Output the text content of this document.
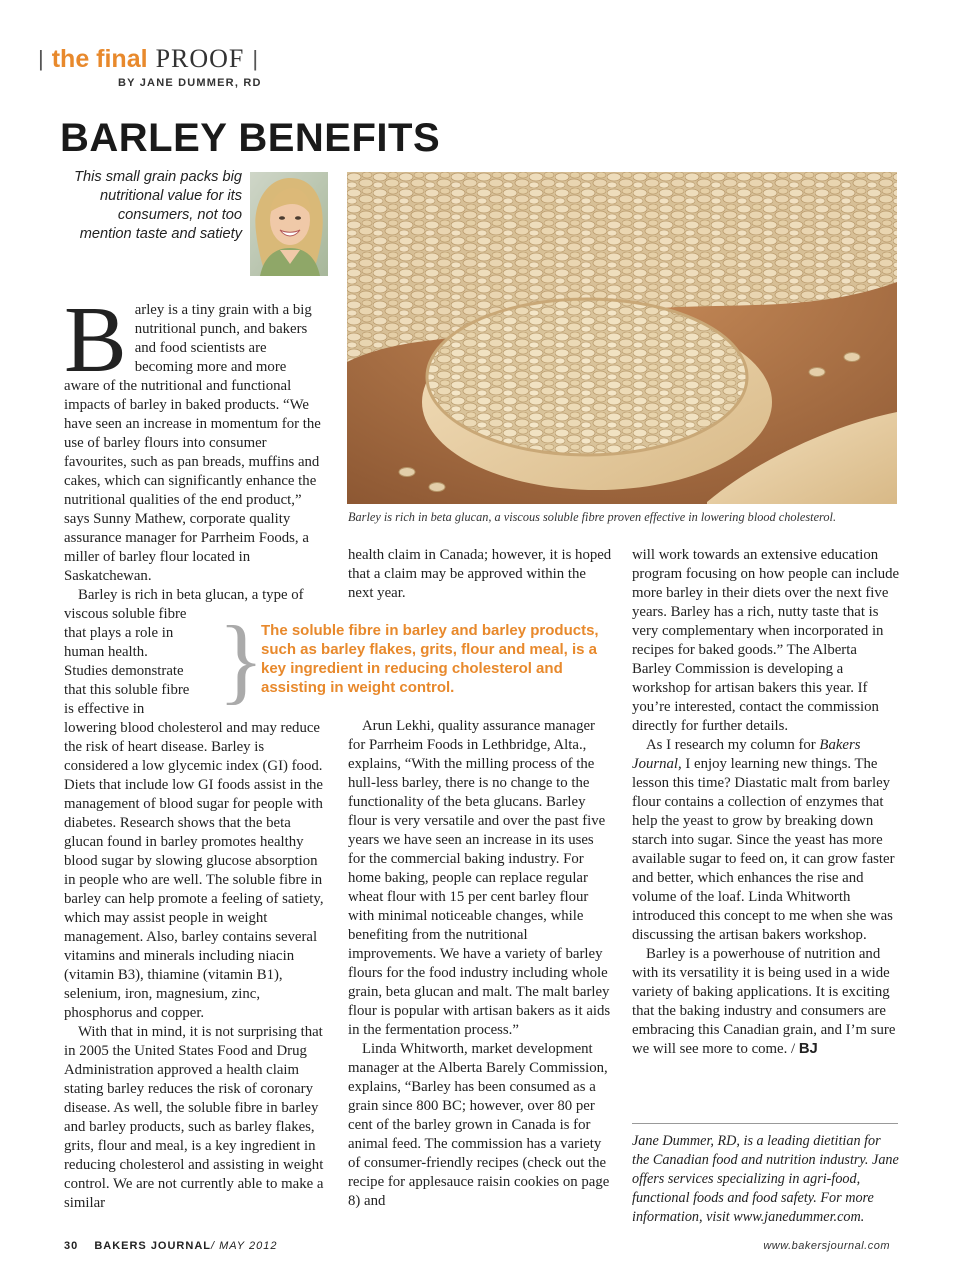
| the final PROOF |
BY JANE DUMMER, RD
BARLEY BENEFITS
This small grain packs big nutritional value for its consumers, not too mention taste and satiety
Barley is rich in beta glucan, a viscous soluble fibre proven effective in lowering blood cholesterol.

B arley is a tiny grain with a big nutritional punch, and bakers and food scientists are becoming more and more

aware of the nutritional and functional impacts of barley in baked products. “We have seen an increase in momentum for the use of barley flours into consumer favourites, such as pan breads, muffins and cakes, which can significantly enhance the nutritional qualities of the end product,” says Sunny Mathew, corporate quality assurance manager for Parrheim Foods, a miller of barley flour located in Saskatchewan.

Barley is rich in beta glucan, a type of

viscous soluble fibre
that plays a role in
human health.
Studies demonstrate
that this soluble fibre
is effective in

lowering blood cholesterol and may reduce the risk of heart disease. Barley is considered a low glycemic index (GI) food. Diets that include low GI foods assist in the management of blood sugar for people with diabetes. Research shows that the beta glucan found in barley promotes healthy blood sugar by slowing glucose absorption in people who are well. The soluble fibre in barley can help promote a feeling of satiety, which may assist people in weight management. Also, barley contains several vitamins and minerals including niacin (vitamin B3), thiamine (vitamin B1), selenium, iron, magnesium, zinc, phosphorus and copper.

With that in mind, it is not surprising that in 2005 the United States Food and Drug Administration approved a health claim stating barley reduces the risk of coronary disease. As well, the soluble fibre in barley and barley products, such as barley flakes, grits, flour and meal, is a key ingredient in reducing cholesterol and assisting in weight control. We are not currently able to make a similar

}
The soluble fibre in barley and barley products, such as barley flakes, grits, flour and meal, is a key ingredient in reducing cholesterol and assisting in weight control.

health claim in Canada; however, it is hoped that a claim may be approved within the next year.

Arun Lekhi, quality assurance manager for Parrheim Foods in Lethbridge, Alta., explains, “With the milling process of the hull-less barley, there is no change to the functionality of the beta glucans. Barley flour is very versatile and over the past five years we have seen an increase in its uses for the commercial baking industry. For home baking, people can replace regular wheat flour with 15 per cent barley flour with minimal noticeable changes, while benefiting from the nutritional improvements. We have a variety of barley flours for the food industry including whole grain, beta glucan and malt. The malt barley flour is popular with artisan bakers as it aids in the fermentation process.”

Linda Whitworth, market development manager at the Alberta Barely Commission, explains, “Barley has been consumed as a grain since 800 BC; however, over 80 per cent of the barley grown in Canada is for animal feed. The commission has a variety of consumer-friendly recipes (check out the recipe for applesauce raisin cookies on page 8) and

will work towards an extensive education program focusing on how people can include more barley in their diets over the next five years. Barley has a rich, nutty taste that is very complementary when incorporated in recipes for baked goods.” The Alberta Barley Commission is developing a workshop for artisan bakers this year. If you’re interested, contact the commission directly for further details.

As I research my column for Bakers Journal, I enjoy learning new things. The lesson this time? Diastatic malt from barley flour contains a collection of enzymes that help the yeast to grow by breaking down starch into sugar. Since the yeast has more available sugar to feed on, it can grow faster and better, which enhances the rise and volume of the loaf. Linda Whitworth introduced this concept to me when she was discussing the artisan bakers workshop.

Barley is a powerhouse of nutrition and with its versatility it is being used in a wide variety of baking applications. It is exciting that the baking industry and consumers are embracing this Canadian grain, and I’m sure we will see more to come. / BJ

Jane Dummer, RD, is a leading dietitian for the Canadian food and nutrition industry. Jane offers services specializing in agri-food, functional foods and food safety. For more information, visit www.janedummer.com.
30 BAKERS JOURNAL/ MAY 2012	www.bakersjournal.com
